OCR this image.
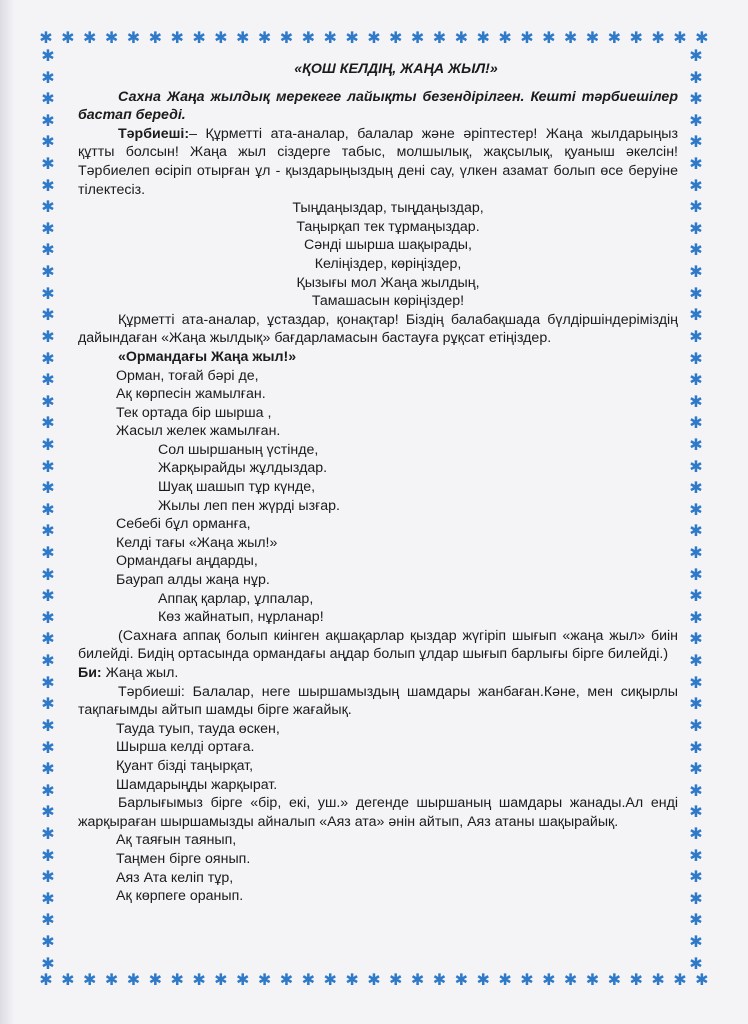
✱ ✱ ✱ ✱ ✱ ✱ ✱ ✱ ✱ ✱ ✱ ✱ ✱ ✱ ✱ ✱ ✱ ✱ ✱ ✱ ✱ ✱ ✱ ✱ ✱ ✱ ✱ ✱ ✱ ✱ ✱
✱ ✱ ✱ ✱ ✱ ✱ ✱ ✱ ✱ ✱ ✱ ✱ ✱ ✱ ✱ ✱ ✱ ✱ ✱ ✱ ✱ ✱ ✱ ✱ ✱ ✱ ✱ ✱ ✱ ✱ ✱
✱
✱
✱
✱
✱
✱
✱
✱
✱
✱
✱
✱
✱
✱
✱
✱
✱
✱
✱
✱
✱
✱
✱
✱
✱
✱
✱
✱
✱
✱
✱
✱
✱
✱
✱
✱
✱
✱
✱
✱
✱
✱
✱
✱
✱
✱
✱
✱
✱
✱
✱
✱
✱
✱
✱
✱
✱
✱
✱
✱
✱
✱
✱
✱
✱
✱
✱
✱
✱
✱
✱
✱
✱
✱
✱
✱
✱
✱
✱
✱
✱
✱
✱
✱
✱
✱

«ҚОШ КЕЛДІҢ, ЖАҢА ЖЫЛ!»

Сахна Жаңа жылдық мерекеге лайықты безендірілген. Кешті тәрбиешілер бастап береді.

Тәрбиеші:– Құрметті ата-аналар, балалар және әріптестер! Жаңа жылдарыңыз құтты болсын! Жаңа жыл сіздерге табыс, молшылық, жақсылық, қуаныш әкелсін! Тәрбиелеп өсіріп отырған ұл - қыздарыңыздың дені сау, үлкен азамат болып өсе беруіне тілектесіз.

Тыңдаңыздар, тыңдаңыздар,

Таңырқап тек тұрмаңыздар.

Сәнді шырша шақырады,

Келіңіздер, көріңіздер,

Қызығы мол Жаңа жылдың,

Тамашасын көріңіздер!

Құрметті ата-аналар, ұстаздар, қонақтар! Біздің балабақшада бүлдіршіндеріміздің дайындаған «Жаңа жылдық» бағдарламасын бастауға рұқсат етіңіздер.

«Ормандағы Жаңа жыл!»

Орман, тоғай бәрі де,

Ақ көрпесін жамылған.

Тек ортада бір шырша ,

Жасыл желек жамылған.

Сол шыршаның үстінде,

Жарқырайды жұлдыздар.

Шуақ шашып тұр күнде,

Жылы леп пен жүрді ызғар.

Себебі бұл орманға,

Келді тағы «Жаңа жыл!»

Ормандағы аңдарды,

Баурап алды жаңа нұр.

Аппақ қарлар, ұлпалар,

Көз жайнатып, нұрланар!

(Сахнаға аппақ болып киінген ақшақарлар қыздар жүгіріп шығып «жаңа жыл» биін билейді. Бидің ортасында ормандағы аңдар болып ұлдар шығып барлығы бірге билейді.)

Би: Жаңа жыл.

Тәрбиеші: Балалар, неге шыршамыздың шамдары жанбаған.Кәне, мен сиқырлы тақпағымды айтып шамды бірге жағайық.

Тауда туып, тауда өскен,

Шырша келді ортаға.

Қуант бізді таңырқат,

Шамдарыңды жарқырат.

Барлығымыз бірге «бір, екі, уш.» дегенде шыршаның шамдары жанады.Ал енді жарқыраған шыршамызды айналып «Аяз ата» әнін айтып, Аяз атаны шақырайық.

Ақ таяғын таянып,

Таңмен бірге оянып.

Аяз Ата келіп тұр,

Ақ көрпеге оранып.
